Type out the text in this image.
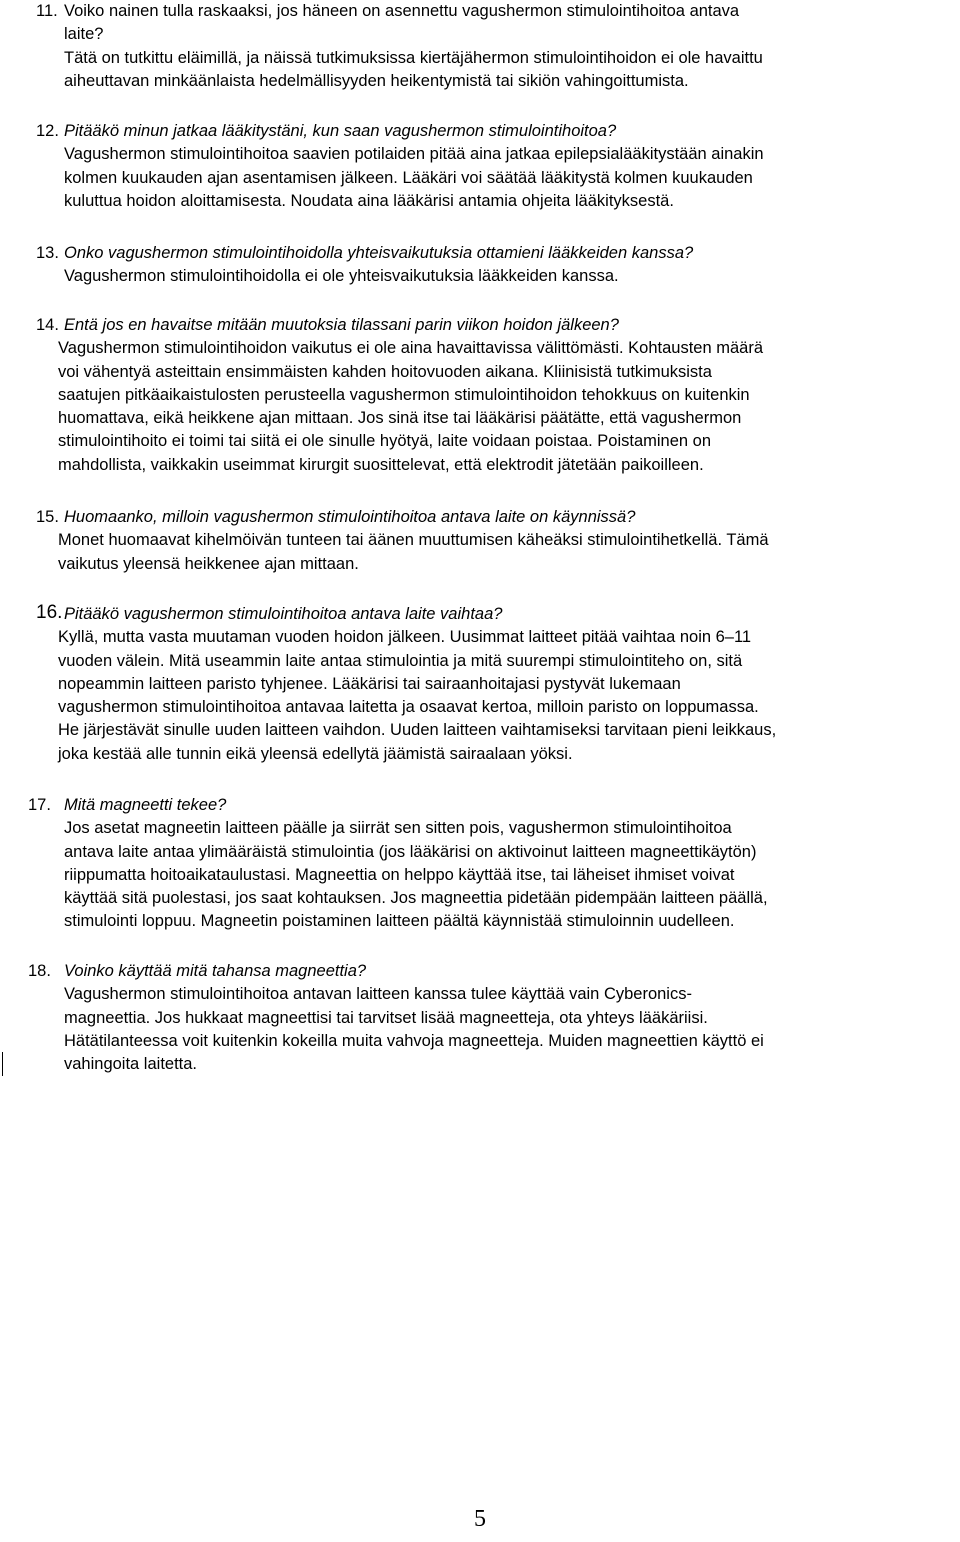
11. Voiko nainen tulla raskaaksi, jos häneen on asennettu vagushermon stimulointihoitoa antava
laite?
Tätä on tutkittu eläimillä, ja näissä tutkimuksissa kiertäjähermon stimulointihoidon ei ole havaittu
aiheuttavan minkäänlaista hedelmällisyyden heikentymistä tai sikiön vahingoittumista.
12. Pitääkö minun jatkaa lääkitystäni, kun saan vagushermon stimulointihoitoa?
Vagushermon stimulointihoitoa saavien potilaiden pitää aina jatkaa epilepsialääkitystään ainakin
kolmen kuukauden ajan asentamisen jälkeen. Lääkäri voi säätää lääkitystä kolmen kuukauden
kuluttua hoidon aloittamisesta. Noudata aina lääkärisi antamia ohjeita lääkityksestä.
13. Onko vagushermon stimulointihoidolla yhteisvaikutuksia ottamieni lääkkeiden kanssa?
Vagushermon stimulointihoidolla ei ole yhteisvaikutuksia lääkkeiden kanssa.
14. Entä jos en havaitse mitään muutoksia tilassani parin viikon hoidon jälkeen?
Vagushermon stimulointihoidon vaikutus ei ole aina havaittavissa välittömästi. Kohtausten määrä
voi vähentyä asteittain ensimmäisten kahden hoitovuoden aikana. Kliinisistä tutkimuksista
saatujen pitkäaikaistulosten perusteella vagushermon stimulointihoidon tehokkuus on kuitenkin
huomattava, eikä heikkene ajan mittaan. Jos sinä itse tai lääkärisi päätätte, että vagushermon
stimulointihoito ei toimi tai siitä ei ole sinulle hyötyä, laite voidaan poistaa. Poistaminen on
mahdollista, vaikkakin useimmat kirurgit suosittelevat, että elektrodit jätetään paikoilleen.
15. Huomaanko, milloin vagushermon stimulointihoitoa antava laite on käynnissä?
Monet huomaavat kihelmöivän tunteen tai äänen muuttumisen käheäksi stimulointihetkellä. Tämä
vaikutus yleensä heikkenee ajan mittaan.
16. Pitääkö vagushermon stimulointihoitoa antava laite vaihtaa?
Kyllä, mutta vasta muutaman vuoden hoidon jälkeen. Uusimmat laitteet pitää vaihtaa noin 6–11
vuoden välein. Mitä useammin laite antaa stimulointia ja mitä suurempi stimulointiteho on, sitä
nopeammin laitteen paristo tyhjenee. Lääkärisi tai sairaanhoitajasi pystyvät lukemaan
vagushermon stimulointihoitoa antavaa laitetta ja osaavat kertoa, milloin paristo on loppumassa.
He järjestävät sinulle uuden laitteen vaihdon. Uuden laitteen vaihtamiseksi tarvitaan pieni leikkaus,
joka kestää alle tunnin eikä yleensä edellytä jäämistä sairaalaan yöksi.
17. Mitä magneetti tekee?
Jos asetat magneetin laitteen päälle ja siirrät sen sitten pois, vagushermon stimulointihoitoa
antava laite antaa ylimääräistä stimulointia (jos lääkärisi on aktivoinut laitteen magneettikäytön)
riippumatta hoitoaikataulustasi. Magneettia on helppo käyttää itse, tai läheiset ihmiset voivat
käyttää sitä puolestasi, jos saat kohtauksen. Jos magneettia pidetään pidempään laitteen päällä,
stimulointi loppuu. Magneetin poistaminen laitteen päältä käynnistää stimuloinnin uudelleen.
18. Voinko käyttää mitä tahansa magneettia?
Vagushermon stimulointihoitoa antavan laitteen kanssa tulee käyttää vain Cyberonics-
magneettia. Jos hukkaat magneettisi tai tarvitset lisää magneetteja, ota yhteys lääkäriisi.
Hätätilanteessa voit kuitenkin kokeilla muita vahvoja magneetteja. Muiden magneettien käyttö ei
vahingoita laitetta.
5
